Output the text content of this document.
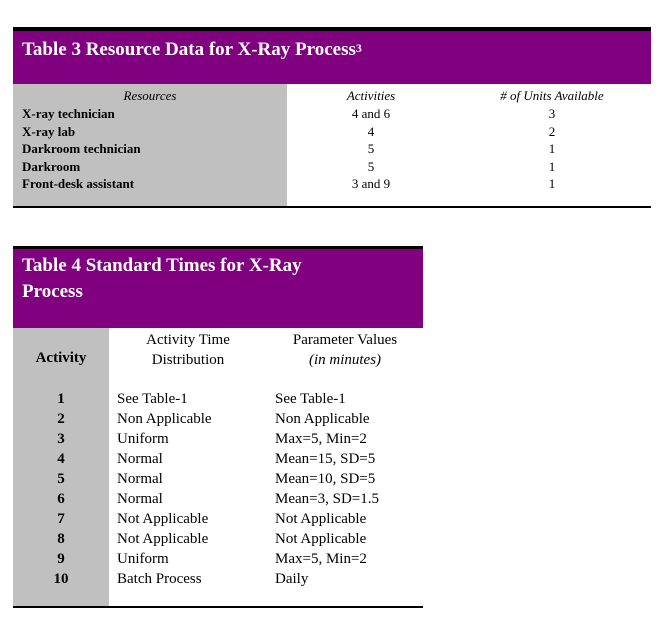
Table 3 Resource Data for X-Ray Process$^3$
Resources	Activities	# of Units Available
X-ray technician
X-ray lab
Darkroom technician
Darkroom
Front-desk assistant
4 and 6
4
5
5
3 and 9
3
2
1
1
1
Table 4 Standard Times for X-Ray
Process
Activity
Activity Time
Distribution
Parameter Values
(in minutes)
1
2
3
4
5
6
7
8
9
10
See Table-1
Non Applicable
Uniform
Normal
Normal
Normal
Not Applicable
Not Applicable
Uniform
Batch Process
See Table-1
Non Applicable
Max=5, Min=2
Mean=15, SD=5
Mean=10, SD=5
Mean=3, SD=1.5
Not Applicable
Not Applicable
Max=5, Min=2
Daily
